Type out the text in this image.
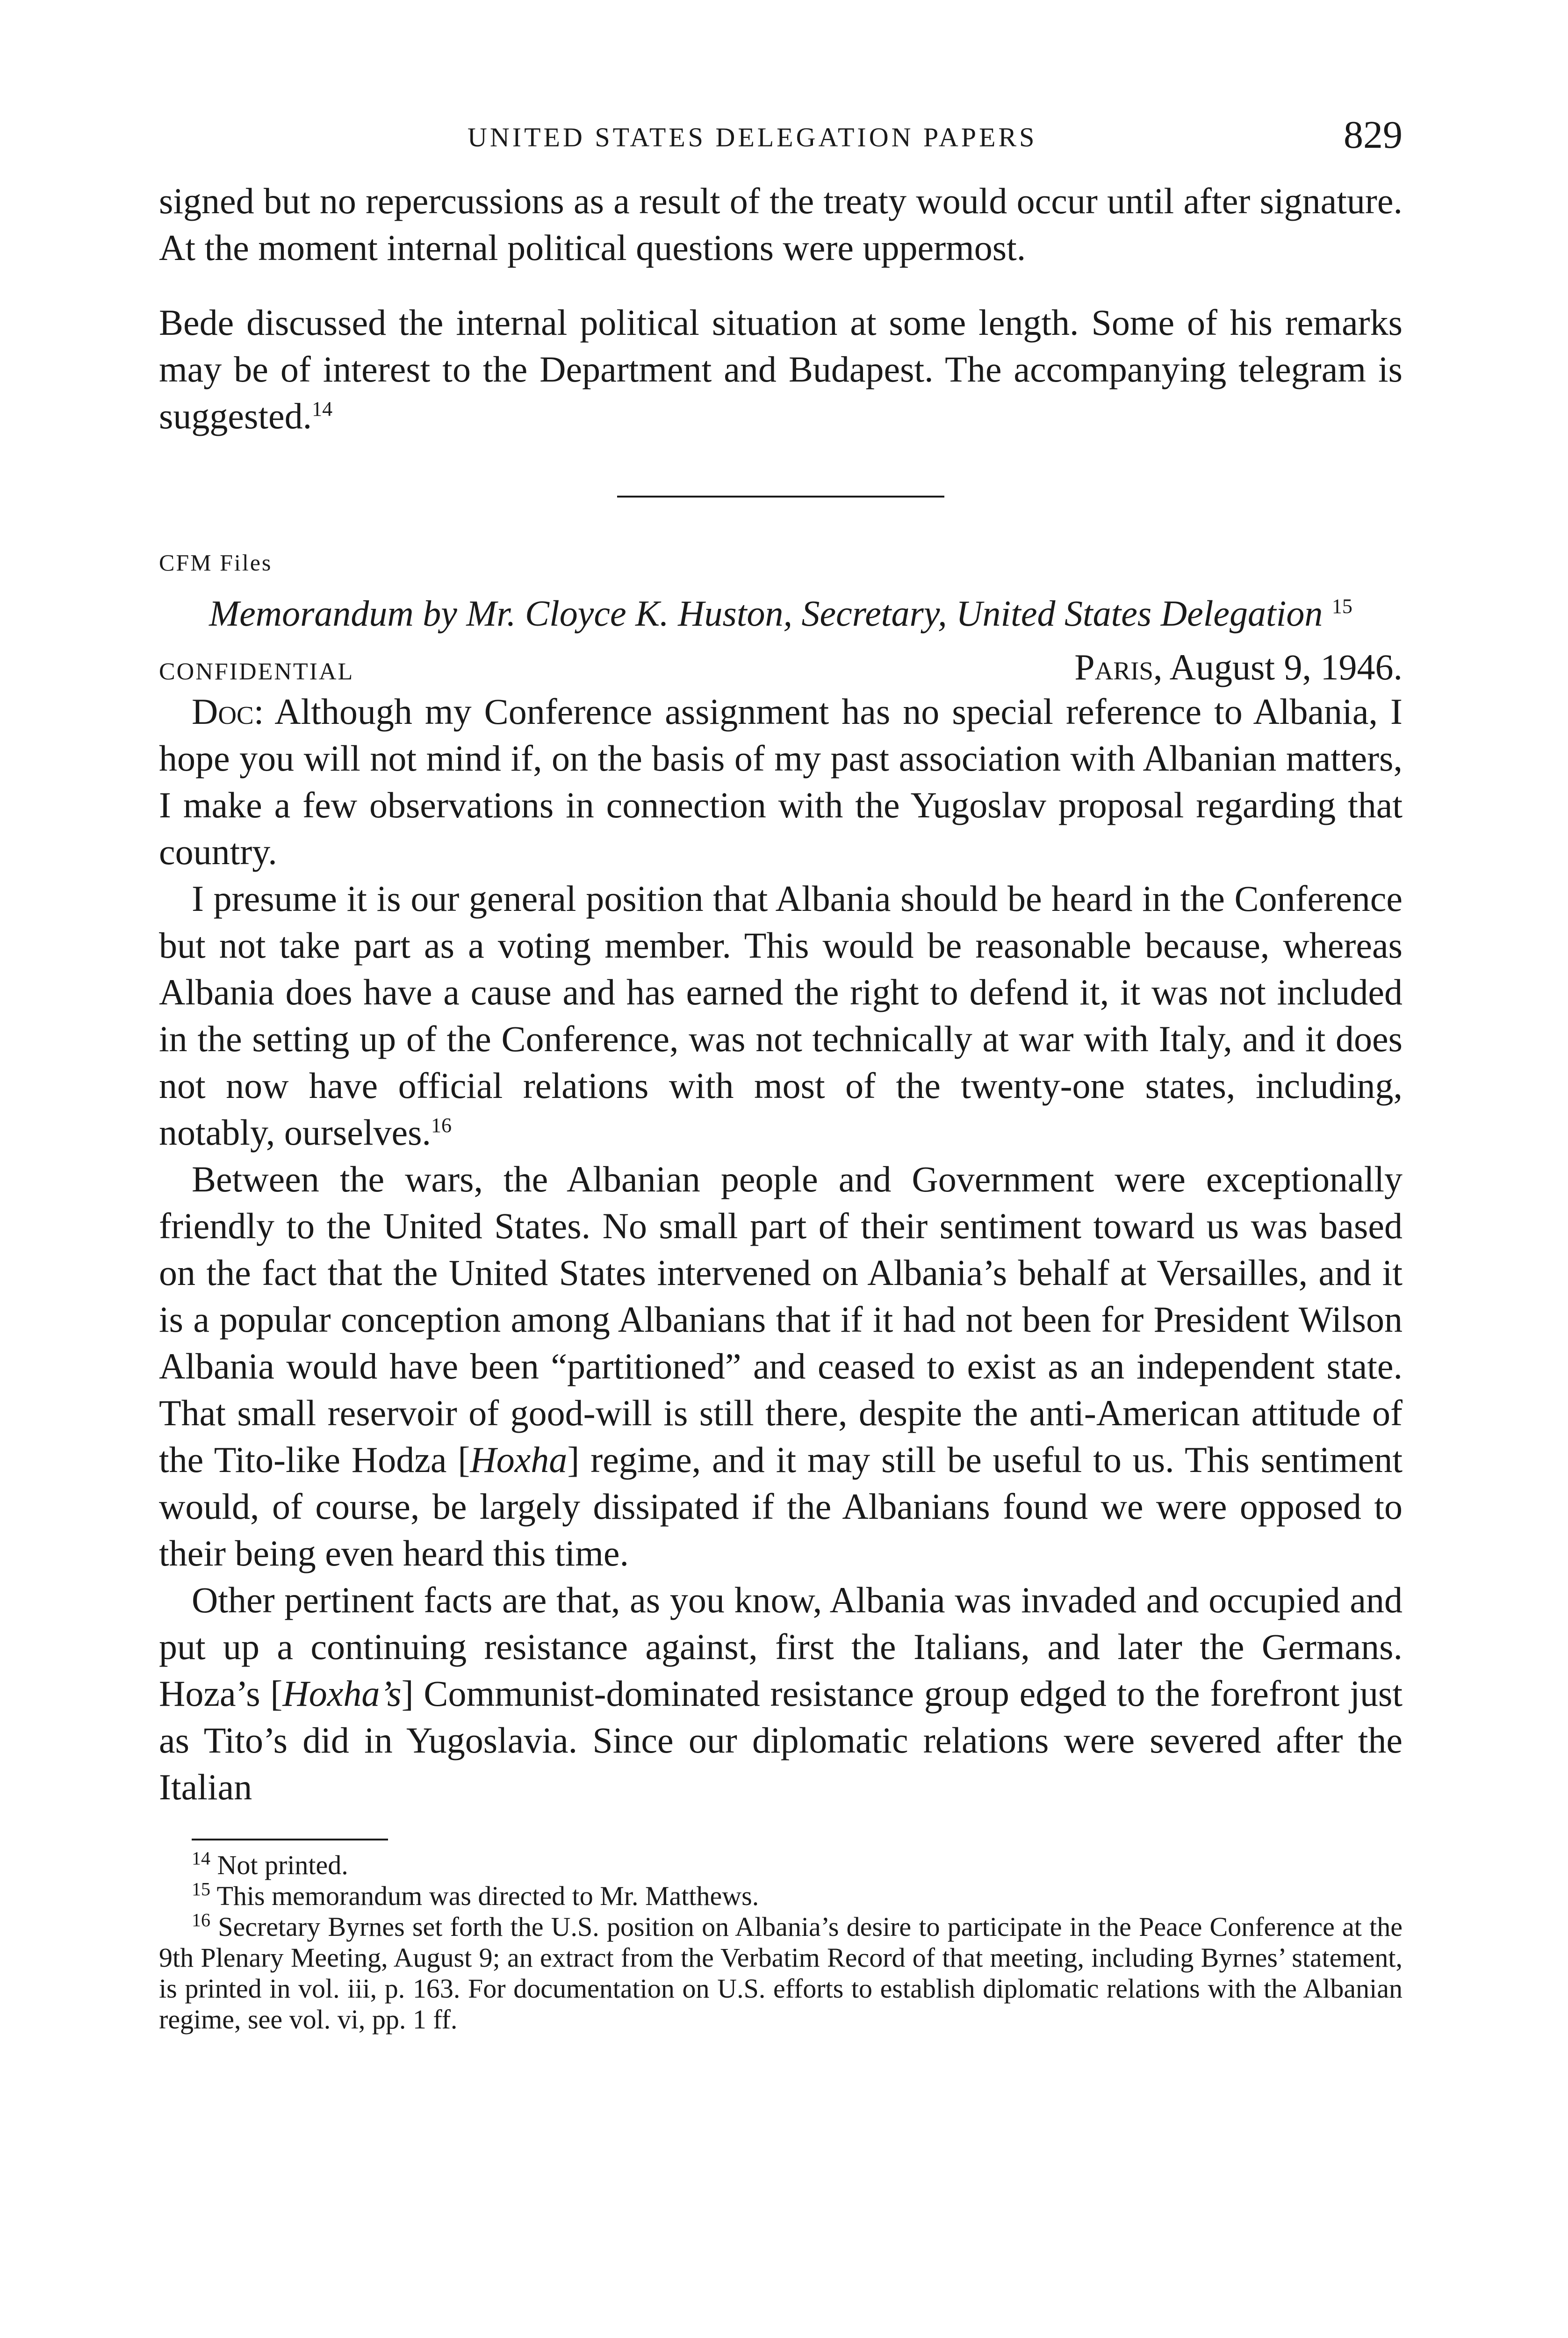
UNITED STATES DELEGATION PAPERS	829

signed but no repercussions as a result of the treaty would occur until after signature. At the moment internal political questions were uppermost.

Bede discussed the internal political situation at some length. Some of his remarks may be of interest to the Department and Budapest. The accompanying telegram is suggested.$^{14}$

CFM Files
Memorandum by Mr. Cloyce K. Huston, Secretary, United States Delegation $^{15}$
CONFIDENTIAL	Paris, August 9, 1946.

Doc: Although my Conference assignment has no special reference to Albania, I hope you will not mind if, on the basis of my past association with Albanian matters, I make a few observations in connection with the Yugoslav proposal regarding that country.

I presume it is our general position that Albania should be heard in the Conference but not take part as a voting member. This would be reasonable because, whereas Albania does have a cause and has earned the right to defend it, it was not included in the setting up of the Conference, was not technically at war with Italy, and it does not now have official relations with most of the twenty-one states, including, notably, ourselves.$^{16}$

Between the wars, the Albanian people and Government were exceptionally friendly to the United States. No small part of their sentiment toward us was based on the fact that the United States intervened on Albania’s behalf at Versailles, and it is a popular conception among Albanians that if it had not been for President Wilson Albania would have been “partitioned” and ceased to exist as an independent state. That small reservoir of good-will is still there, despite the anti-American attitude of the Tito-like Hodza [Hoxha] regime, and it may still be useful to us. This sentiment would, of course, be largely dissipated if the Albanians found we were opposed to their being even heard this time.

Other pertinent facts are that, as you know, Albania was invaded and occupied and put up a continuing resistance against, first the Italians, and later the Germans. Hoza’s [Hoxha’s] Communist-dominated resistance group edged to the forefront just as Tito’s did in Yugoslavia. Since our diplomatic relations were severed after the Italian

$^{14}$ Not printed.
$^{15}$ This memorandum was directed to Mr. Matthews.
$^{16}$ Secretary Byrnes set forth the U.S. position on Albania’s desire to participate in the Peace Conference at the 9th Plenary Meeting, August 9; an extract from the Verbatim Record of that meeting, including Byrnes’ statement, is printed in vol. iii, p. 163. For documentation on U.S. efforts to establish diplomatic relations with the Albanian regime, see vol. vi, pp. 1 ff.
